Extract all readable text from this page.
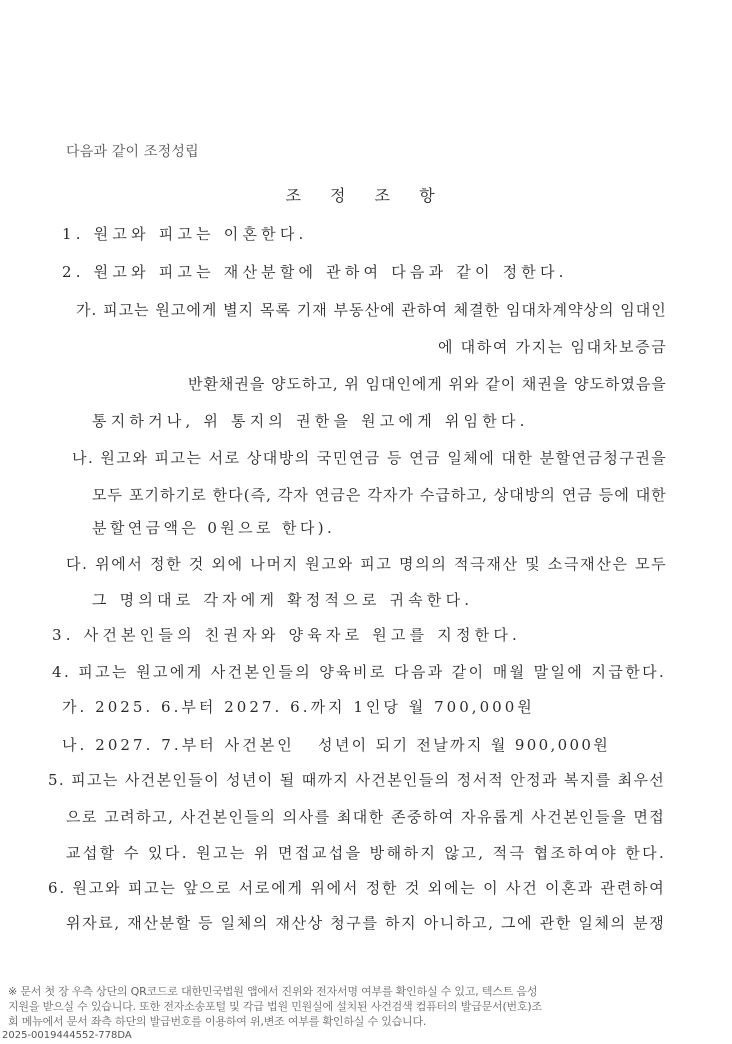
다음과 같이 조정성립
조 정 조 항
1. 원고와 피고는 이혼한다.
2. 원고와 피고는 재산분할에 관하여 다음과 같이 정한다.
가. 피고는 원고에게 별지 목록 기재 부동산에 관하여 체결한 임대차계약상의 임대인
에 대하여 가지는 임대차보증금
반환채권을 양도하고, 위 임대인에게 위와 같이 채권을 양도하였음을
통지하거나, 위 통지의 권한을 원고에게 위임한다.
나. 원고와 피고는 서로 상대방의 국민연금 등 연금 일체에 대한 분할연금청구권을
모두 포기하기로 한다(즉, 각자 연금은 각자가 수급하고, 상대방의 연금 등에 대한
분할연금액은 0원으로 한다).
다. 위에서 정한 것 외에 나머지 원고와 피고 명의의 적극재산 및 소극재산은 모두
그 명의대로 각자에게 확정적으로 귀속한다.
3. 사건본인들의 친권자와 양육자로 원고를 지정한다.
4. 피고는 원고에게 사건본인들의 양육비로 다음과 같이 매월 말일에 지급한다.
가. 2025. 6.부터 2027. 6.까지 1인당 월 700,000원
나. 2027. 7.부터 사건본인 성년이 되기 전날까지 월 900,000원
5. 피고는 사건본인들이 성년이 될 때까지 사건본인들의 정서적 안정과 복지를 최우선
으로 고려하고, 사건본인들의 의사를 최대한 존중하여 자유롭게 사건본인들을 면접
교섭할 수 있다. 원고는 위 면접교섭을 방해하지 않고, 적극 협조하여야 한다.
6. 원고와 피고는 앞으로 서로에게 위에서 정한 것 외에는 이 사건 이혼과 관련하여
위자료, 재산분할 등 일체의 재산상 청구를 하지 아니하고, 그에 관한 일체의 분쟁
※ 문서 첫 장 우측 상단의 QR코드로 대한민국법원 앱에서 진위와 전자서명 여부를 확인하실 수 있고, 텍스트 음성
지원을 받으실 수 있습니다. 또한 전자소송포털 및 각급 법원 민원실에 설치된 사건검색 컴퓨터의 발급문서(번호)조
회 메뉴에서 문서 좌측 하단의 발급번호를 이용하여 위,변조 여부를 확인하실 수 있습니다.
2025-0019444552-778DA
